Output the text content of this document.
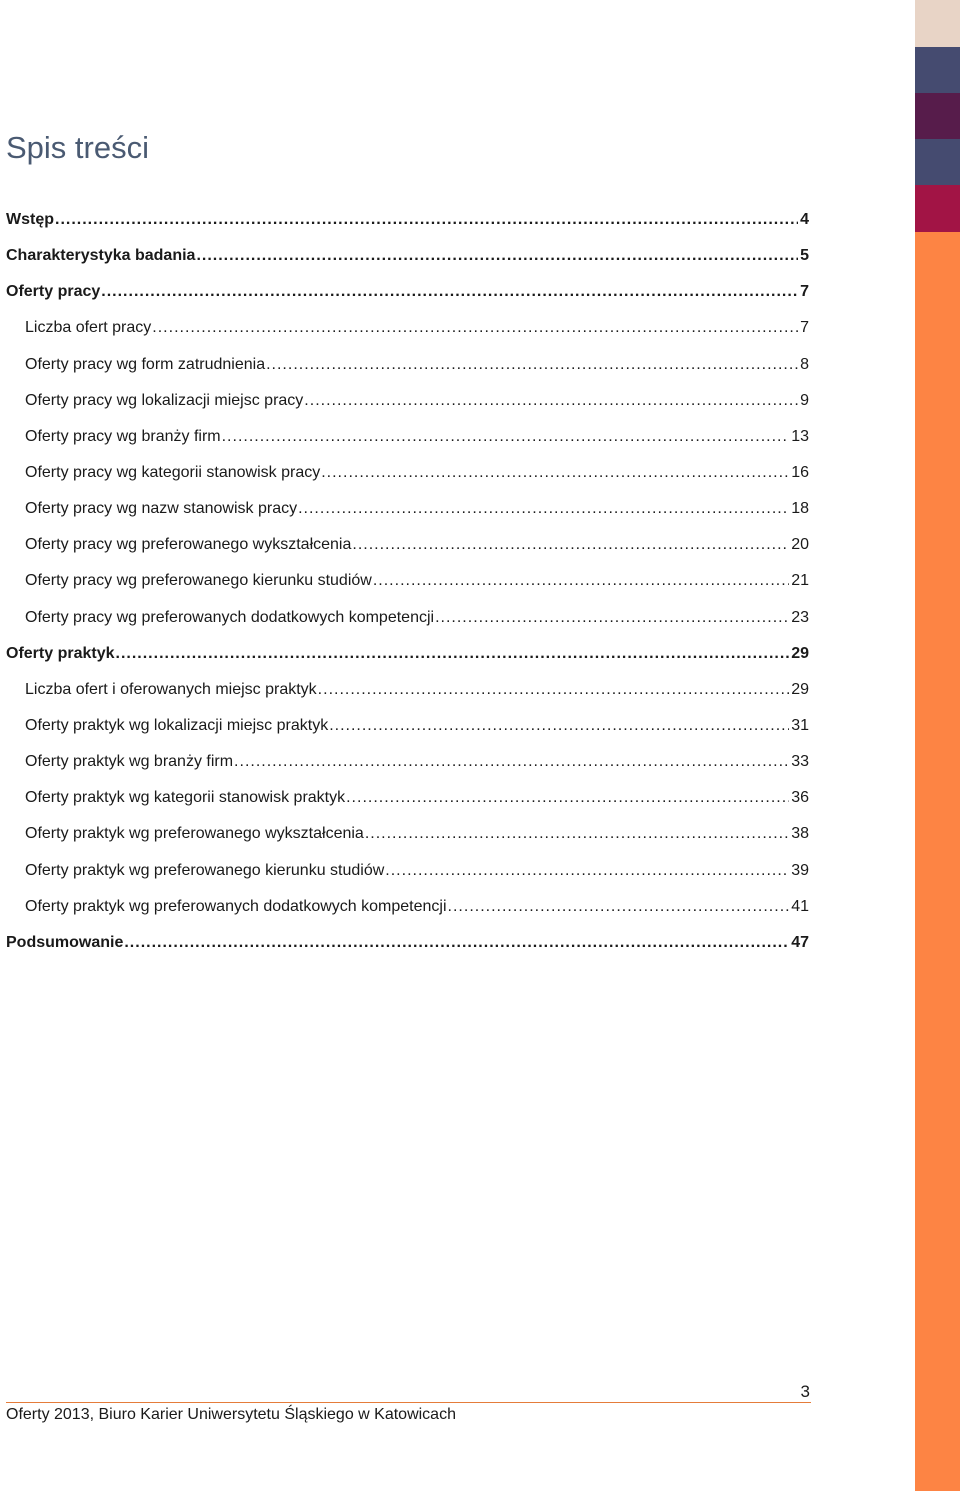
Spis treści
Wstęp .....	4
Charakterystyka badania .....	5
Oferty pracy .....	7
Liczba ofert pracy .....	7
Oferty pracy wg form zatrudnienia .....	8
Oferty pracy wg lokalizacji miejsc pracy .....	9
Oferty pracy wg branży firm .....	13
Oferty pracy wg kategorii stanowisk pracy .....	16
Oferty pracy wg nazw stanowisk pracy .....	18
Oferty pracy wg preferowanego wykształcenia .....	20
Oferty pracy wg preferowanego kierunku studiów .....	21
Oferty pracy wg preferowanych dodatkowych kompetencji .....	23
Oferty praktyk .....	29
Liczba ofert i oferowanych miejsc praktyk .....	29
Oferty praktyk wg lokalizacji miejsc praktyk .....	31
Oferty praktyk wg branży firm .....	33
Oferty praktyk wg kategorii stanowisk praktyk .....	36
Oferty praktyk wg preferowanego wykształcenia .....	38
Oferty praktyk wg preferowanego kierunku studiów .....	39
Oferty praktyk wg preferowanych dodatkowych kompetencji .....	41
Podsumowanie .....	47
3
Oferty 2013, Biuro Karier Uniwersytetu Śląskiego w Katowicach
